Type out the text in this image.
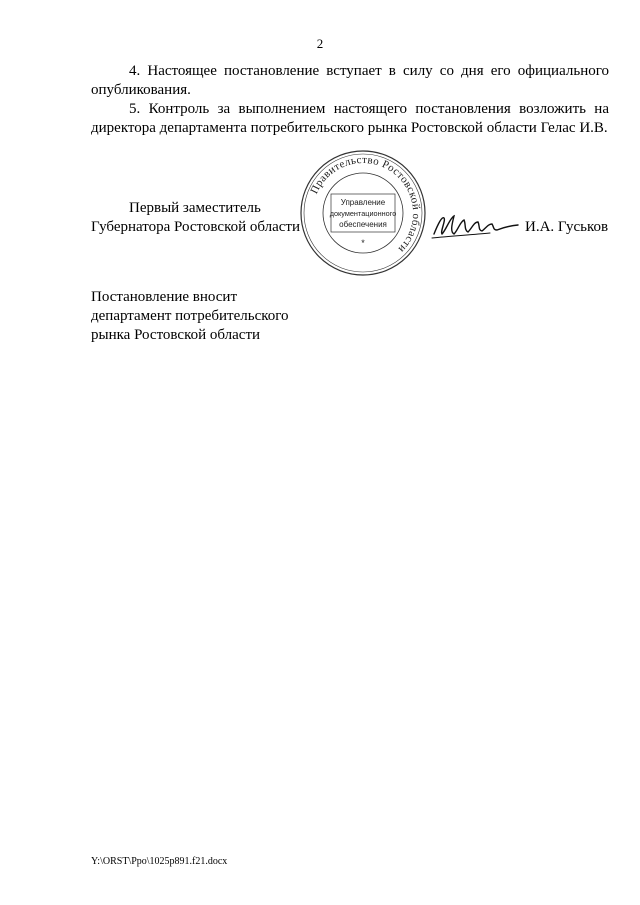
2

4. Настоящее постановление вступает в силу со дня его официального опубликования.

5. Контроль за выполнением настоящего постановления возложить на директора департамента потребительского рынка Ростовской области Гелас И.В.

Первый заместитель
Губернатора Ростовской области
Правительство Ростовской области
Управление
документационного
обеспечения
*
И.А. Гуськов
Постановление вносит
департамент потребительского
рынка Ростовской области
Y:\ORST\Ppo\1025p891.f21.docx
